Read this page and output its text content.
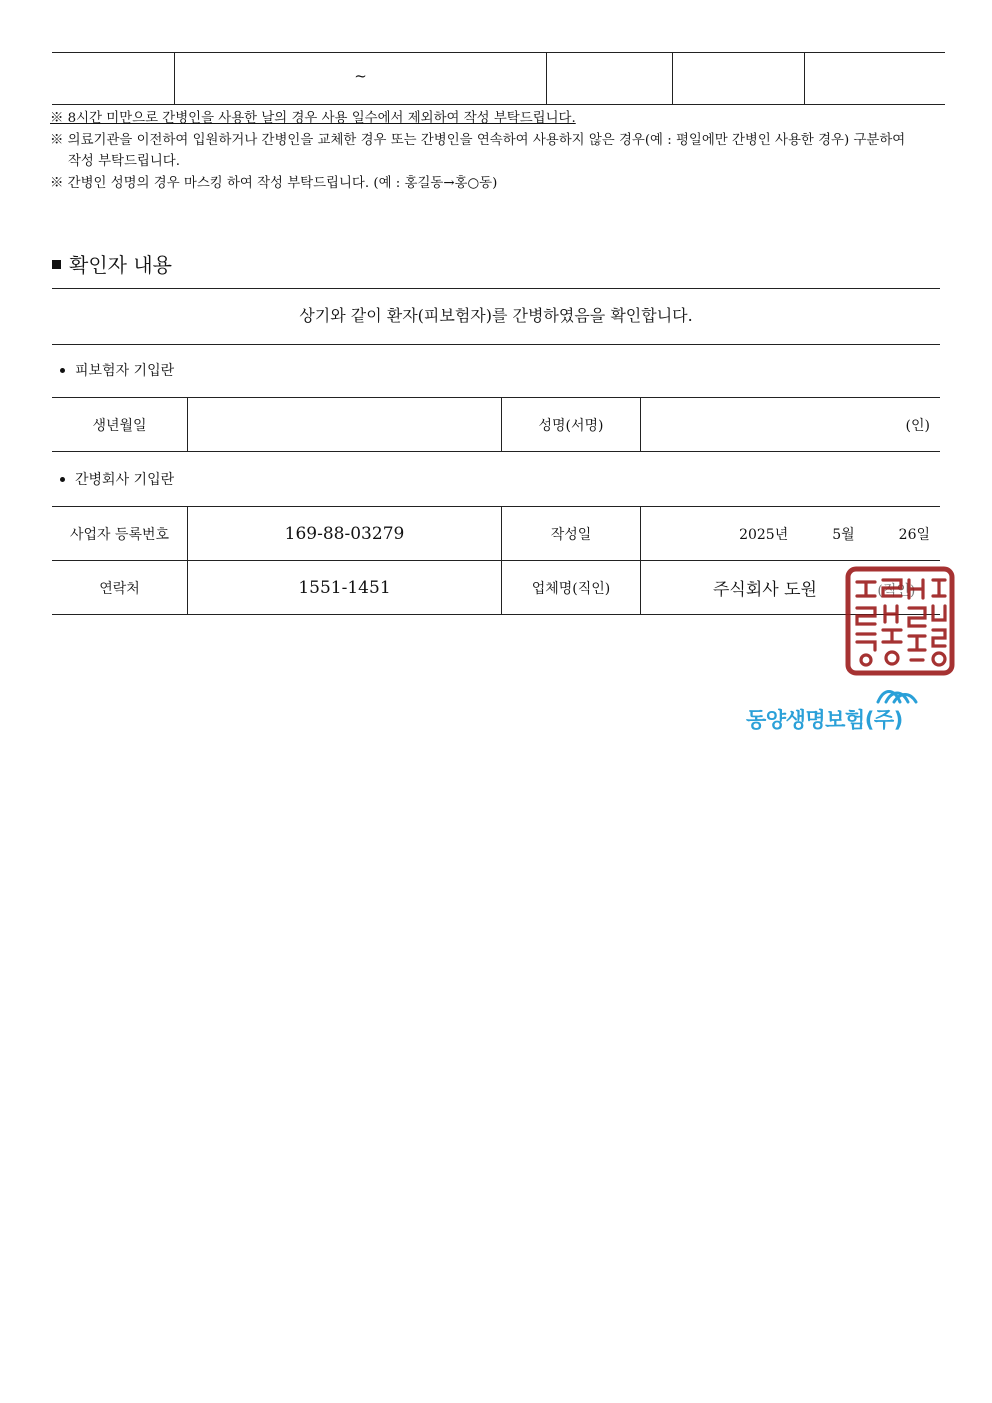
~
※ 8시간 미만으로 간병인을 사용한 날의 경우 사용 일수에서 제외하여 작성 부탁드립니다.
※ 의료기관을 이전하여 입원하거나 간병인을 교체한 경우 또는 간병인을 연속하여 사용하지 않은 경우(예 : 평일에만 간병인 사용한 경우) 구분하여
작성 부탁드립니다.
※ 간병인 성명의 경우 마스킹 하여 작성 부탁드립니다. (예 : 홍길동→홍○동)
확인자 내용
상기와 같이 환자(피보험자)를 간병하였음을 확인합니다.
피보험자 기입란
생년월일		성명(서명)	(인)
간병회사 기입란
사업자 등록번호	169-88-03279	작성일	2025년 5월 26일
연락처	1551-1451	업체명(직인)	주식회사 도원 (직인)
동양생명보험(주)
